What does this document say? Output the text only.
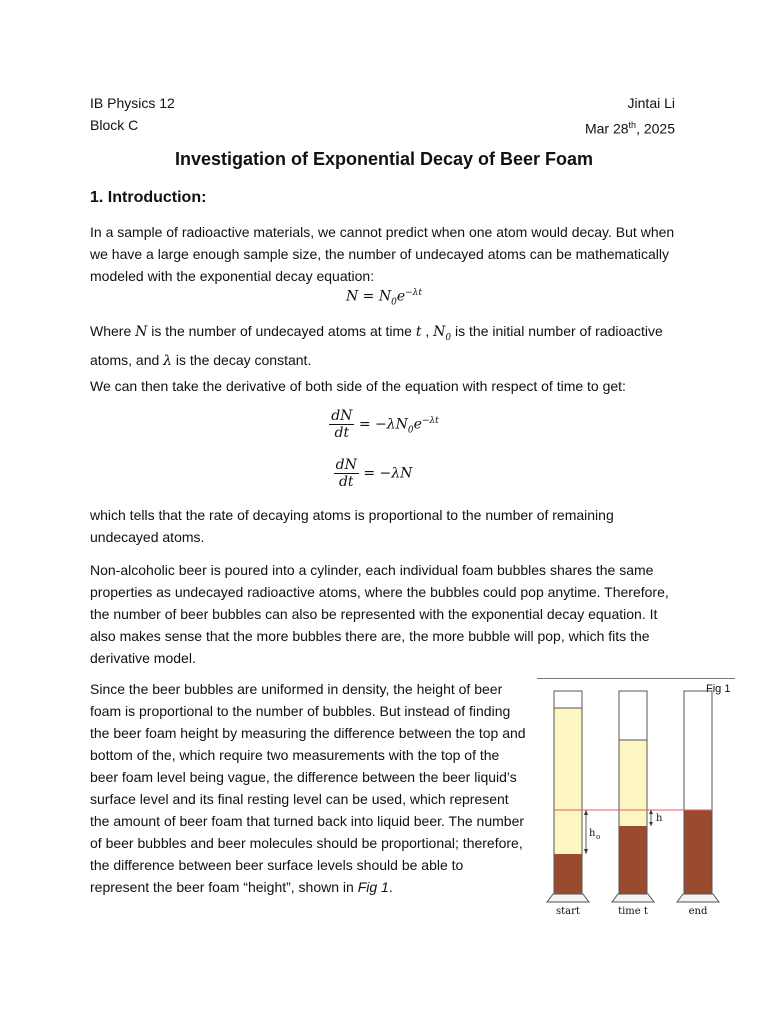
IB Physics 12	Jintai Li
Block C	Mar 28th, 2025
Investigation of Exponential Decay of Beer Foam
1. Introduction:
In a sample of radioactive materials, we cannot predict when one atom would decay. But when we have a large enough sample size, the number of undecayed atoms can be mathematically modeled with the exponential decay equation:
$N = N_0e^{-\lambda t}$
Where N is the number of undecayed atoms at time t , $N_0$ is the initial number of radioactive atoms, and λ is the decay constant.
We can then take the derivative of both side of the equation with respect of time to get:
$\frac{dN}{dt} = -\lambda N_0e^{-\lambda t}$
$\frac{dN}{dt} = -\lambda N$
which tells that the rate of decaying atoms is proportional to the number of remaining undecayed atoms.
Non-alcoholic beer is poured into a cylinder, each individual foam bubbles shares the same properties as undecayed radioactive atoms, where the bubbles could pop anytime. Therefore, the number of beer bubbles can also be represented with the exponential decay equation. It also makes sense that the more bubbles there are, the more bubble will pop, which fits the derivative model.
Since the beer bubbles are uniformed in density, the height of beer foam is proportional to the number of bubbles. But instead of finding the beer foam height by measuring the difference between the top and bottom of the, which require two measurements with the top of the beer foam level being vague, the difference between the beer liquid’s surface level and its final resting level can be used, which represent the amount of beer foam that turned back into liquid beer. The number of beer bubbles and beer molecules should be proportional; therefore, the difference between beer surface levels should be able to represent the beer foam “height”, shown in Fig 1.
Fig 1
h o
h
start	time t	end
